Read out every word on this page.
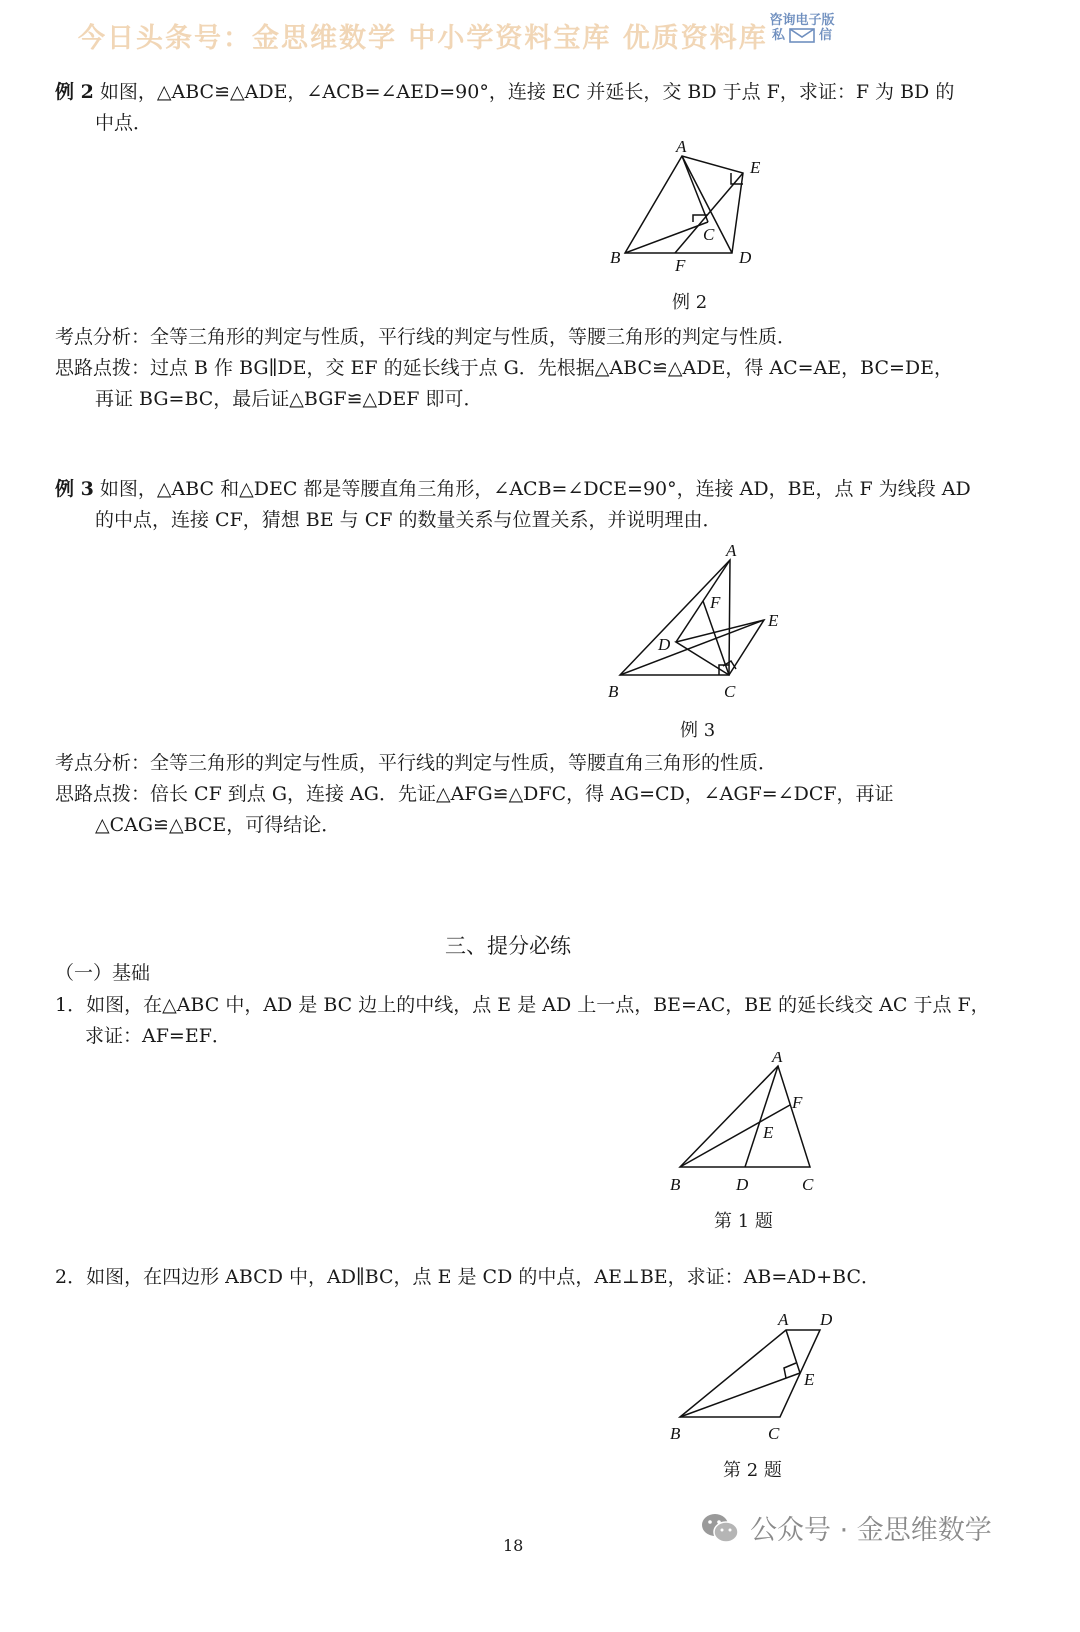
今日头条号：金思维数学 中小学资料宝库 优质资料库
咨询电子版
私	信
例 2 如图，△ABC≌△ADE，∠ACB=∠AED=90°，连接 EC 并延长，交 BD 于点 F，求证：F 为 BD 的
中点．
A
E
C
B	F	D
例 2
考点分析：全等三角形的判定与性质，平行线的判定与性质，等腰三角形的判定与性质．
思路点拨：过点 B 作 BG∥DE，交 EF 的延长线于点 G．先根据△ABC≌△ADE，得 AC=AE，BC=DE，
再证 BG=BC，最后证△BGF≌△DEF 即可．
例 3 如图，△ABC 和△DEC 都是等腰直角三角形，∠ACB=∠DCE=90°，连接 AD，BE，点 F 为线段 AD
的中点，连接 CF，猜想 BE 与 CF 的数量关系与位置关系，并说明理由．
A
F
E
D
B	C
例 3
考点分析：全等三角形的判定与性质，平行线的判定与性质，等腰直角三角形的性质．
思路点拨：倍长 CF 到点 G，连接 AG．先证△AFG≌△DFC，得 AG=CD，∠AGF=∠DCF，再证
△CAG≌△BCE，可得结论．
三、提分必练
（一）基础
1．如图，在△ABC 中，AD 是 BC 边上的中线，点 E 是 AD 上一点，BE=AC，BE 的延长线交 AC 于点 F，
求证：AF=EF．
A
F
E
B	D	C
第 1 题
2．如图，在四边形 ABCD 中，AD∥BC，点 E 是 CD 的中点，AE⊥BE，求证：AB=AD+BC．
A D
E
B	C
第 2 题
18	公众号 · 金思维数学
